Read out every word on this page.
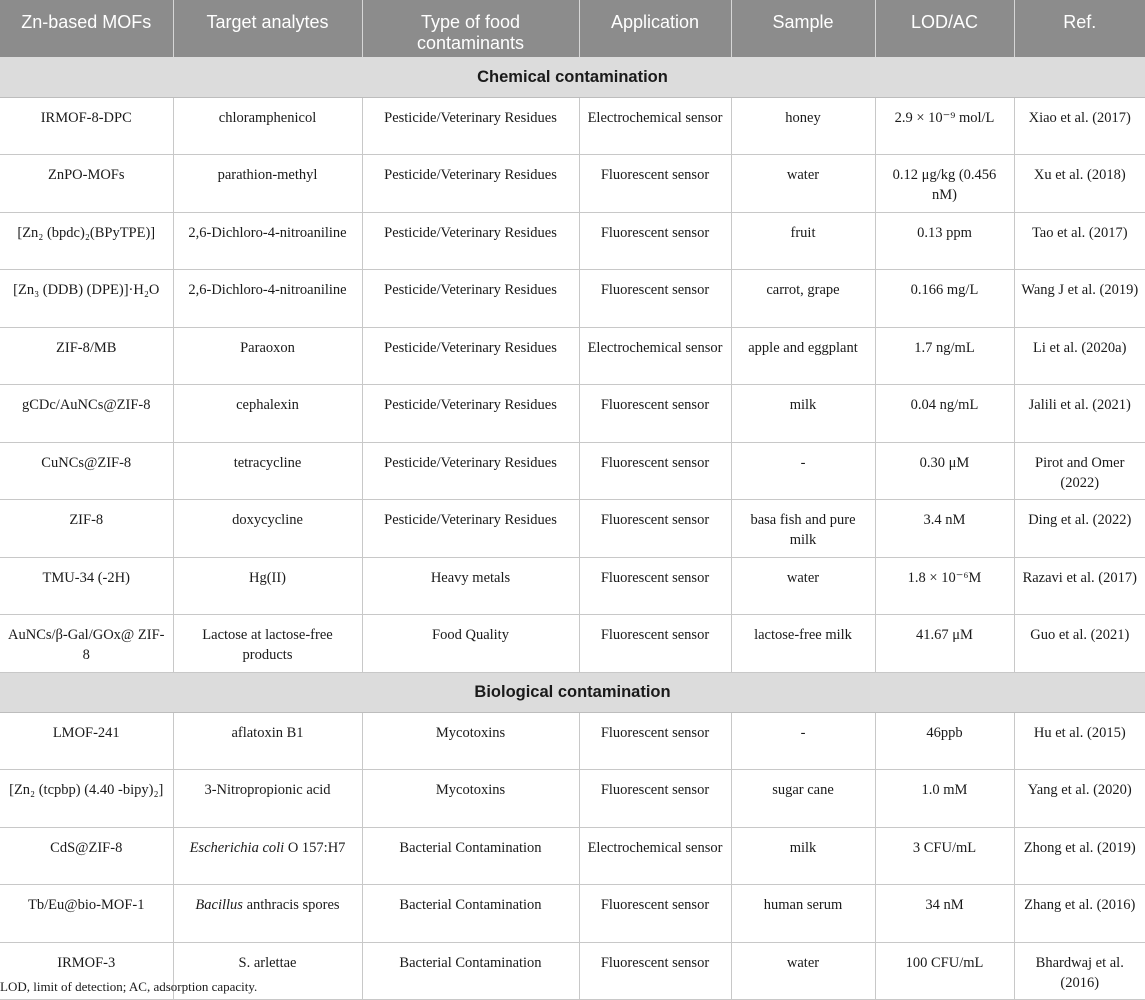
Zn-based MOFs	Target analytes	Type of food contaminants	Application	Sample	LOD/AC	Ref.
Chemical contamination						
IRMOF-8-DPC	chloramphenicol	Pesticide/Veterinary Residues	Electrochemical sensor	honey	2.9 × 10⁻⁹ mol/L	Xiao et al. (2017)
ZnPO-MOFs	parathion-methyl	Pesticide/Veterinary Residues	Fluorescent sensor	water	0.12 μg/kg (0.456 nM)	Xu et al. (2018)
[Zn₂ (bpdc)₂(BPyTPE)]	2,6-Dichloro-4-nitroaniline	Pesticide/Veterinary Residues	Fluorescent sensor	fruit	0.13 ppm	Tao et al. (2017)
[Zn₃ (DDB) (DPE)]·H₂O	2,6-Dichloro-4-nitroaniline	Pesticide/Veterinary Residues	Fluorescent sensor	carrot, grape	0.166 mg/L	Wang J et al. (2019)
ZIF-8/MB	Paraoxon	Pesticide/Veterinary Residues	Electrochemical sensor	apple and eggplant	1.7 ng/mL	Li et al. (2020a)
gCDc/AuNCs@ZIF-8	cephalexin	Pesticide/Veterinary Residues	Fluorescent sensor	milk	0.04 ng/mL	Jalili et al. (2021)
CuNCs@ZIF-8	tetracycline	Pesticide/Veterinary Residues	Fluorescent sensor	-	0.30 μM	Pirot and Omer (2022)
ZIF-8	doxycycline	Pesticide/Veterinary Residues	Fluorescent sensor	basa fish and pure milk	3.4 nM	Ding et al. (2022)
TMU-34 (-2H)	Hg(II)	Heavy metals	Fluorescent sensor	water	1.8 × 10⁻⁶M	Razavi et al. (2017)
AuNCs/β-Gal/GOx@ ZIF-8	Lactose at lactose-free products	Food Quality	Fluorescent sensor	lactose-free milk	41.67 μM	Guo et al. (2021)
Biological contamination						
LMOF-241	aflatoxin B1	Mycotoxins	Fluorescent sensor	-	46ppb	Hu et al. (2015)
[Zn₂ (tcpbp) (4.40 -bipy)₂]	3-Nitropropionic acid	Mycotoxins	Fluorescent sensor	sugar cane	1.0 mM	Yang et al. (2020)
CdS@ZIF-8	Escherichia coli O 157:H7	Bacterial Contamination	Electrochemical sensor	milk	3 CFU/mL	Zhong et al. (2019)
Tb/Eu@bio-MOF-1	Bacillus anthracis spores	Bacterial Contamination	Fluorescent sensor	human serum	34 nM	Zhang et al. (2016)
IRMOF-3	S. arlettae	Bacterial Contamination	Fluorescent sensor	water	100 CFU/mL	Bhardwaj et al. (2016)
LOD, limit of detection; AC, adsorption capacity.
